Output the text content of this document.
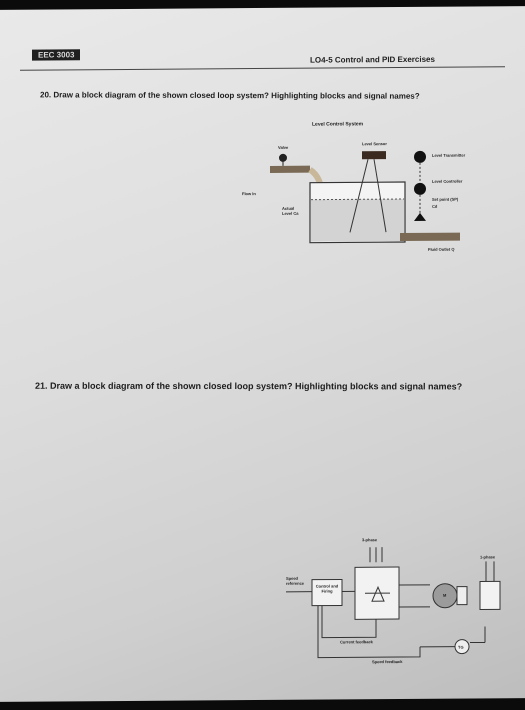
EEC 3003	LO4-5 Control and PID Exercises
20. Draw a block diagram of the shown closed loop system? Highlighting blocks and signal names?
Level Control System
Valve
Level Sensor
Level Transmitter
Level Controller
Set point (SP)
Cd
Flow In
Actual Level Ca
Fluid Outlet Q
21. Draw a block diagram of the shown closed loop system? Highlighting blocks and signal names?
3-phase
1-phase
Speed reference
Control and Firing
M
TG
Current feedback
Speed feedback
